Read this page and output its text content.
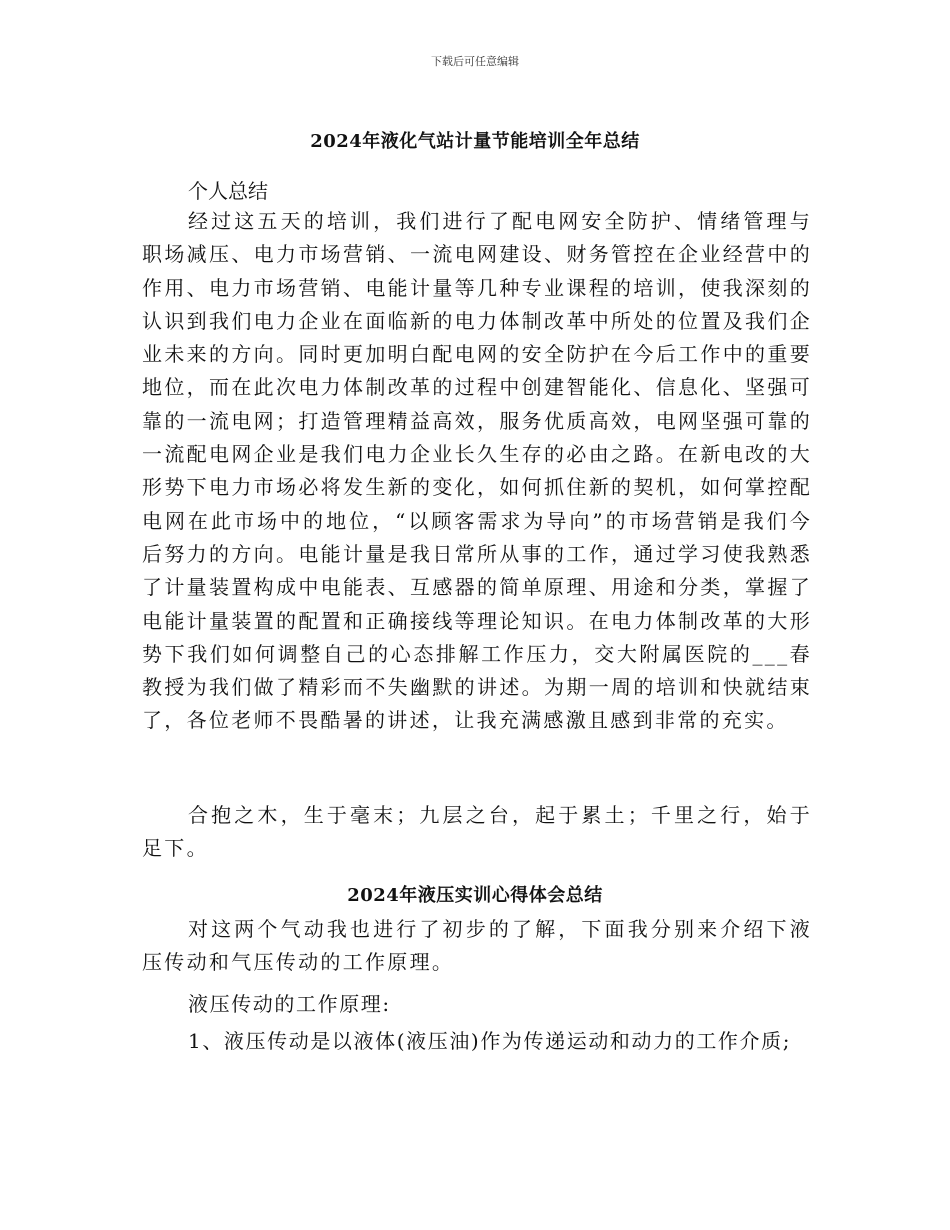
下载后可任意编辑
2024年液化气站计量节能培训全年总结
个人总结

经过这五天的培训，我们进行了配电网安全防护、情绪管理与职场减压、电力市场营销、一流电网建设、财务管控在企业经营中的作用、电力市场营销、电能计量等几种专业课程的培训，使我深刻的认识到我们电力企业在面临新的电力体制改革中所处的位置及我们企业未来的方向。同时更加明白配电网的安全防护在今后工作中的重要地位，而在此次电力体制改革的过程中创建智能化、信息化、坚强可靠的一流电网；打造管理精益高效，服务优质高效，电网坚强可靠的一流配电网企业是我们电力企业长久生存的必由之路。在新电改的大形势下电力市场必将发生新的变化，如何抓住新的契机，如何掌控配电网在此市场中的地位，“以顾客需求为导向”的市场营销是我们今后努力的方向。电能计量是我日常所从事的工作，通过学习使我熟悉了计量装置构成中电能表、互感器的简单原理、用途和分类，掌握了电能计量装置的配置和正确接线等理论知识。在电力体制改革的大形势下我们如何调整自己的心态排解工作压力，交大附属医院的___春教授为我们做了精彩而不失幽默的讲述。为期一周的培训和快就结束了，各位老师不畏酷暑的讲述，让我充满感激且感到非常的充实。

合抱之木，生于毫末；九层之台，起于累土；千里之行，始于足下。

2024年液压实训心得体会总结

对这两个气动我也进行了初步的了解，下面我分别来介绍下液压传动和气压传动的工作原理。

液压传动的工作原理:
1、液压传动是以液体(液压油)作为传递运动和动力的工作介质;
